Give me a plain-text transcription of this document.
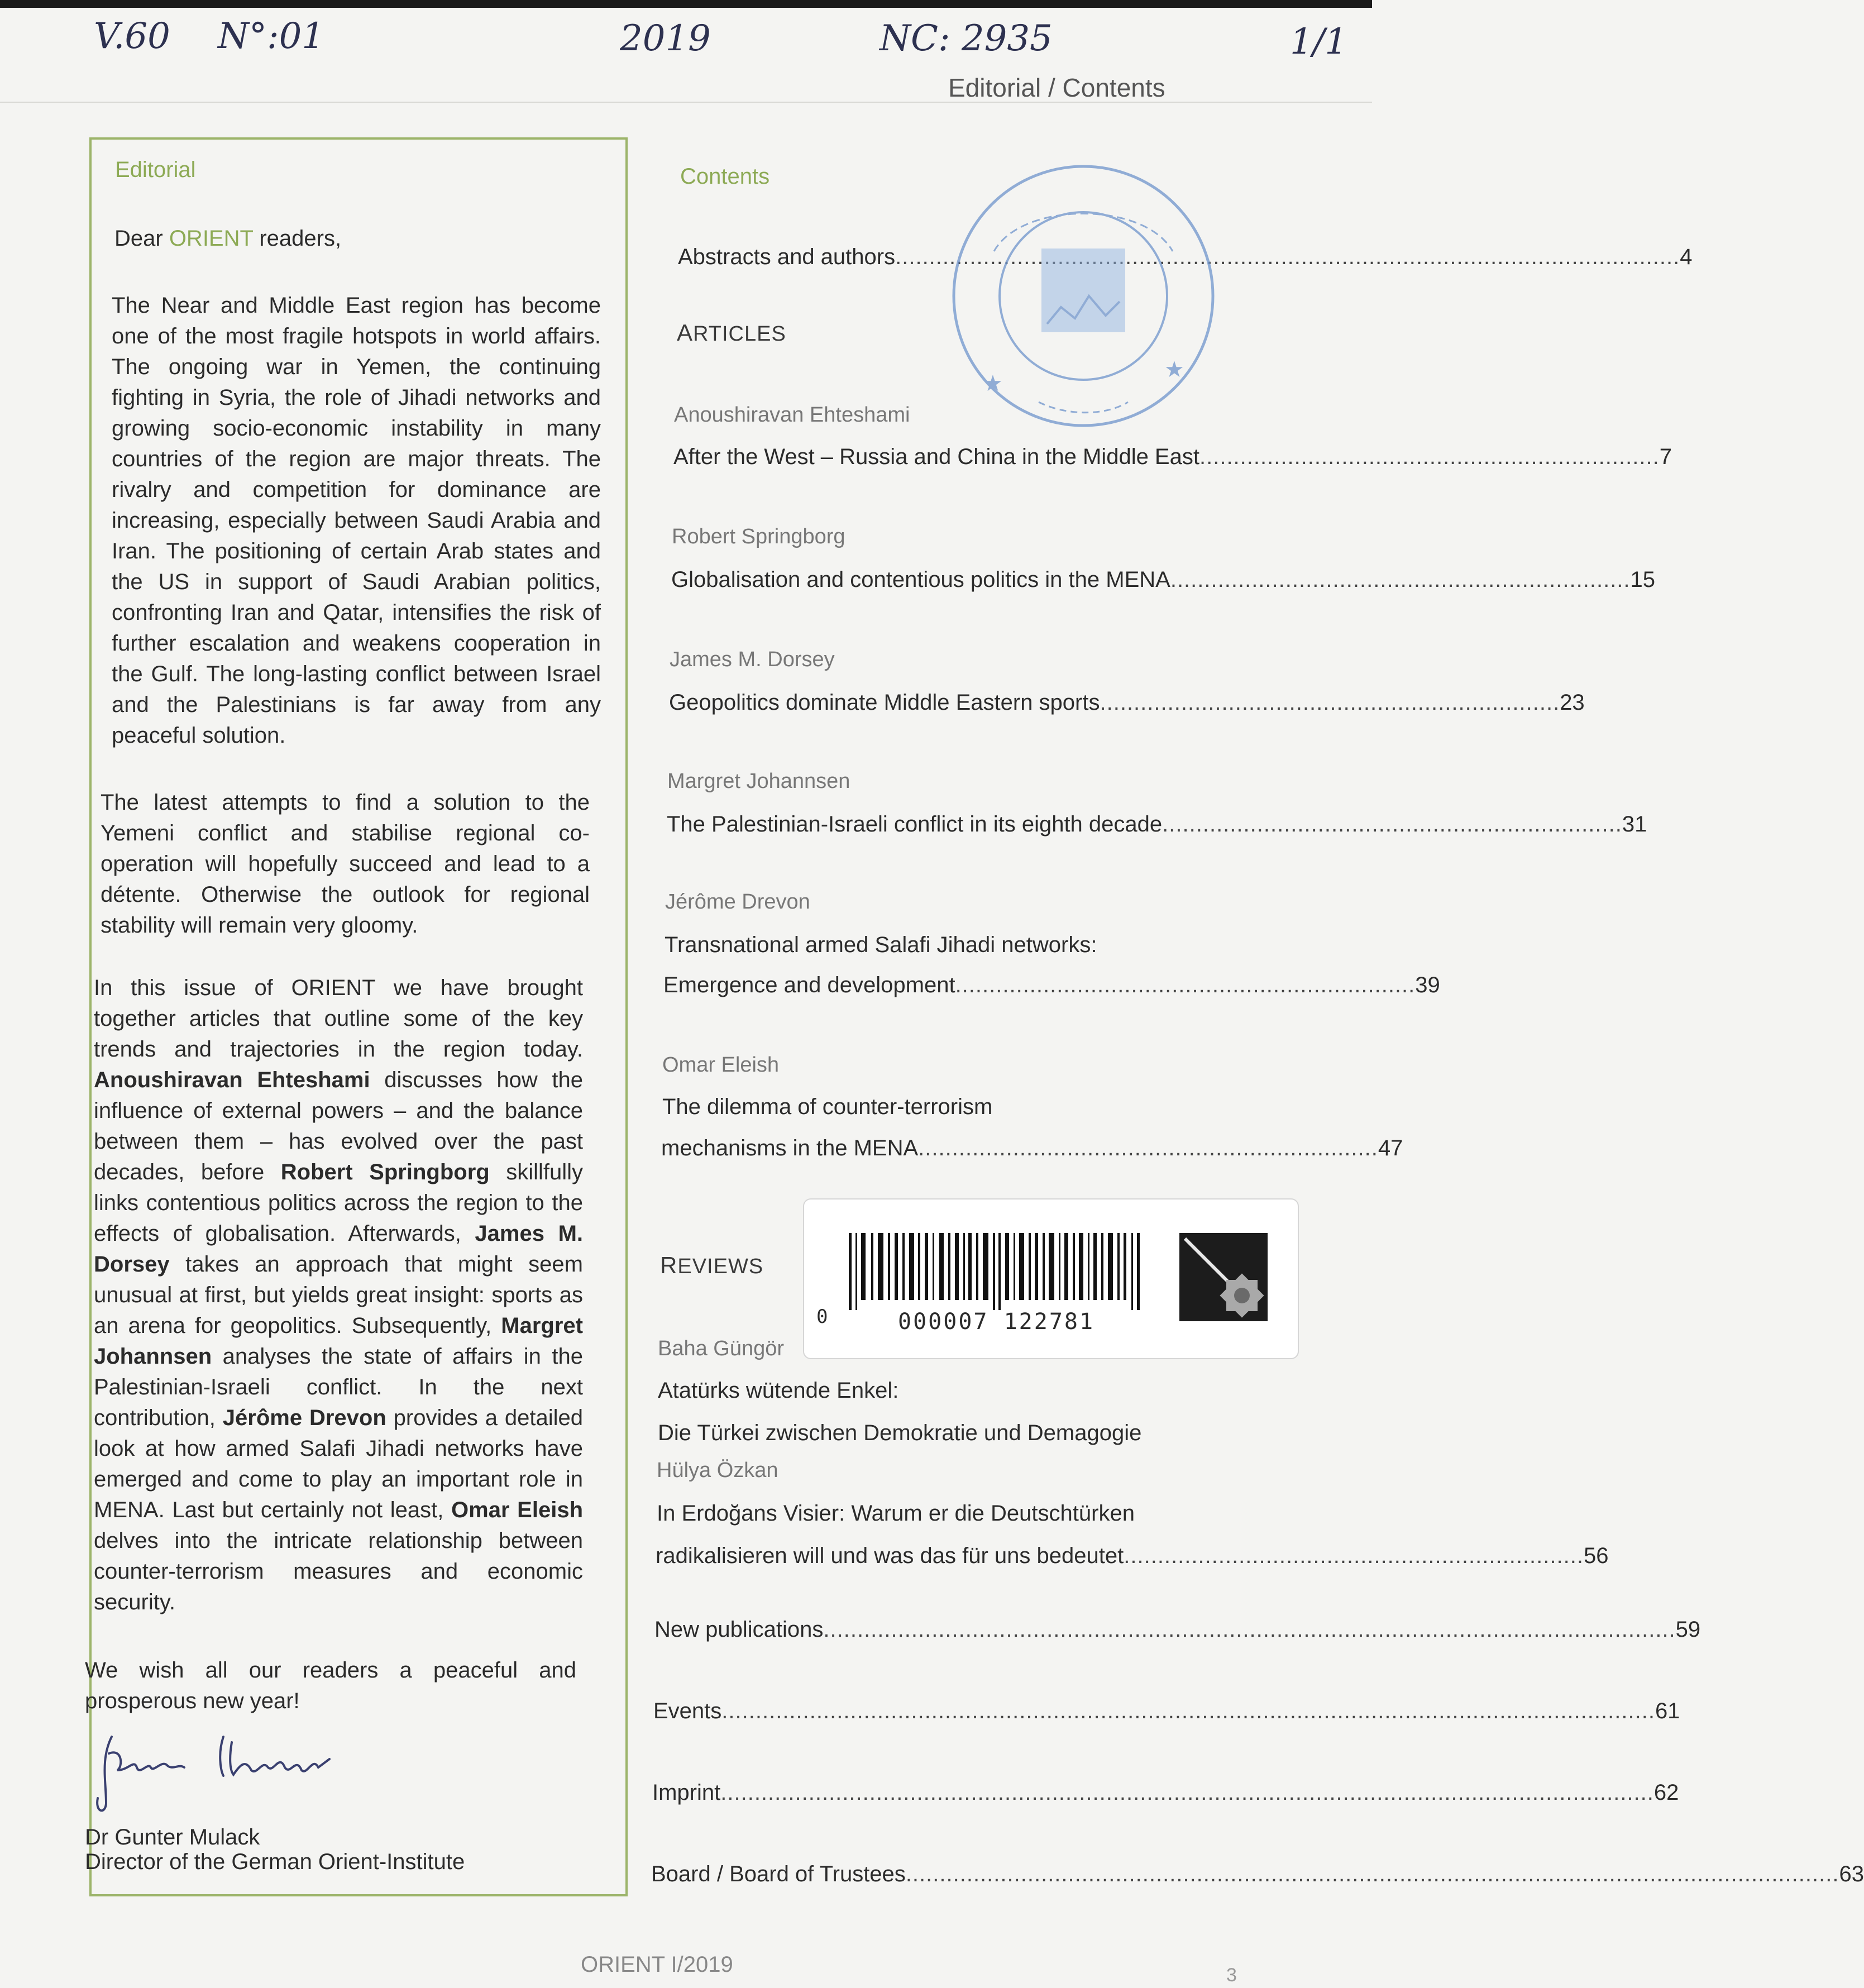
V.60 N°:01	2019	NC: 2935	1/1
Editorial / Contents
Editorial
Dear ORIENT readers,

The Near and Middle East region has become one of the most fragile hotspots in world affairs. The ongoing war in Yemen, the continuing fighting in Syria, the role of Jihadi networks and growing socio-economic instability in many countries of the region are major threats. The rivalry and competition for dominance are increasing, especially between Saudi Arabia and Iran. The positioning of certain Arab states and the US in support of Saudi Arabian politics, confronting Iran and Qatar, intensifies the risk of further escalation and weakens cooperation in the Gulf. The long-lasting conflict between Israel and the Palestinians is far away from any peaceful solution.

The latest attempts to find a solution to the Yemeni conflict and stabilise regional co-operation will hopefully succeed and lead to a détente. Otherwise the outlook for regional stability will remain very gloomy.

In this issue of ORIENT we have brought together articles that outline some of the key trends and trajectories in the region today. Anoushiravan Ehteshami discusses how the influence of external powers – and the balance between them – has evolved over the past decades, before Robert Springborg skillfully links contentious politics across the region to the effects of globalisation. Afterwards, James M. Dorsey takes an approach that might seem unusual at first, but yields great insight: sports as an arena for geopolitics. Subsequently, Margret Johannsen analyses the state of affairs in the Palestinian-Israeli conflict. In the next contribution, Jérôme Drevon provides a detailed look at how armed Salafi Jihadi networks have emerged and come to play an important role in MENA. Last but certainly not least, Omar Eleish delves into the intricate relationship between counter-terrorism measures and economic security.

We wish all our readers a peaceful and prosperous new year!

Dr Gunter Mulack
Director of the German Orient-Institute
Contents
Abstracts and authors .................................................................................................................... 4
ARTICLES
Anoushiravan Ehteshami
After the West – Russia and China in the Middle East .................................................................... 7
Robert Springborg
Globalisation and contentious politics in the MENA .................................................................... 15
James M. Dorsey
Geopolitics dominate Middle Eastern sports .................................................................... 23
Margret Johannsen
The Palestinian-Israeli conflict in its eighth decade .................................................................... 31
Jérôme Drevon
Transnational armed Salafi Jihadi networks:
Emergence and development .................................................................... 39
Omar Eleish
The dilemma of counter-terrorism
mechanisms in the MENA .................................................................... 47
REVIEWS
Baha Güngör
Atatürks wütende Enkel:
Die Türkei zwischen Demokratie und Demagogie
Hülya Özkan
In Erdoğans Visier: Warum er die Deutschtürken
radikalisieren will und was das für uns bedeutet .................................................................... 56
New publications .............................................................................................................................. 59
Events .......................................................................................................................................... 61
Imprint .......................................................................................................................................... 62
Board / Board of Trustees .......................................................................................................................................... 63
★
★
0	000007 122781
ORIENT I/2019	3
